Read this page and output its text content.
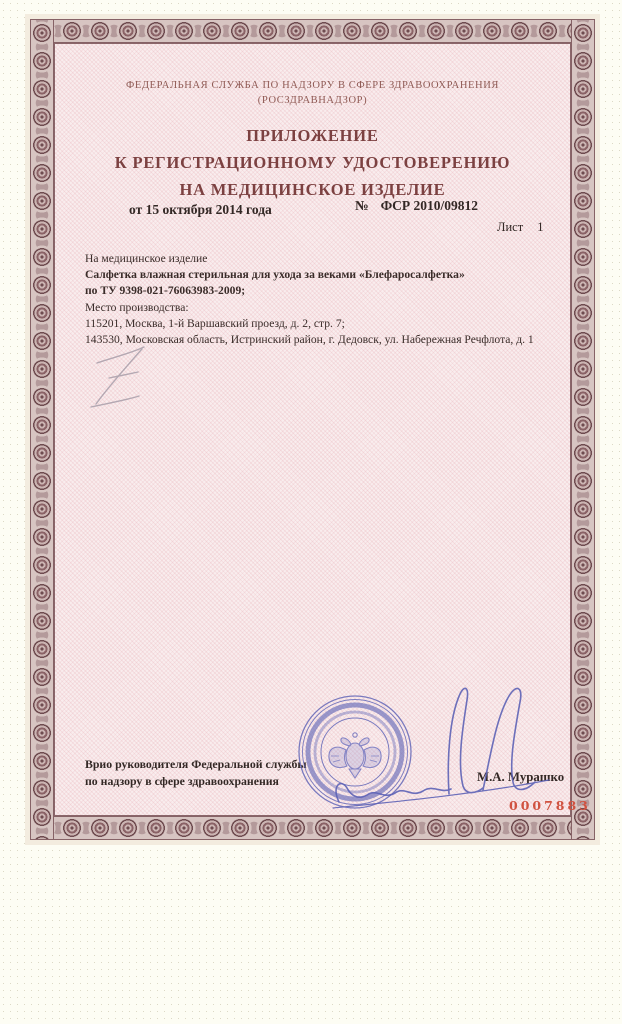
ФЕДЕРАЛЬНАЯ СЛУЖБА ПО НАДЗОРУ В СФЕРЕ ЗДРАВООХРАНЕНИЯ
(РОСЗДРАВНАДЗОР)
ПРИЛОЖЕНИЕ
К РЕГИСТРАЦИОННОМУ УДОСТОВЕРЕНИЮ
НА МЕДИЦИНСКОЕ ИЗДЕЛИЕ
от 15 октября 2014 года	№ ФСР 2010/09812
Лист 1
На медицинское изделие
Салфетка влажная стерильная для ухода за веками «Блефаросалфетка»
по ТУ 9398-021-76063983-2009;
Место производства:
115201, Москва, 1-й Варшавский проезд, д. 2, стр. 7;
143530, Московская область, Истринский район, г. Дедовск, ул. Набережная Речфлота, д. 1
Врио руководителя Федеральной службы
по надзору в сфере здравоохранения	М.А. Мурашко
0007883
